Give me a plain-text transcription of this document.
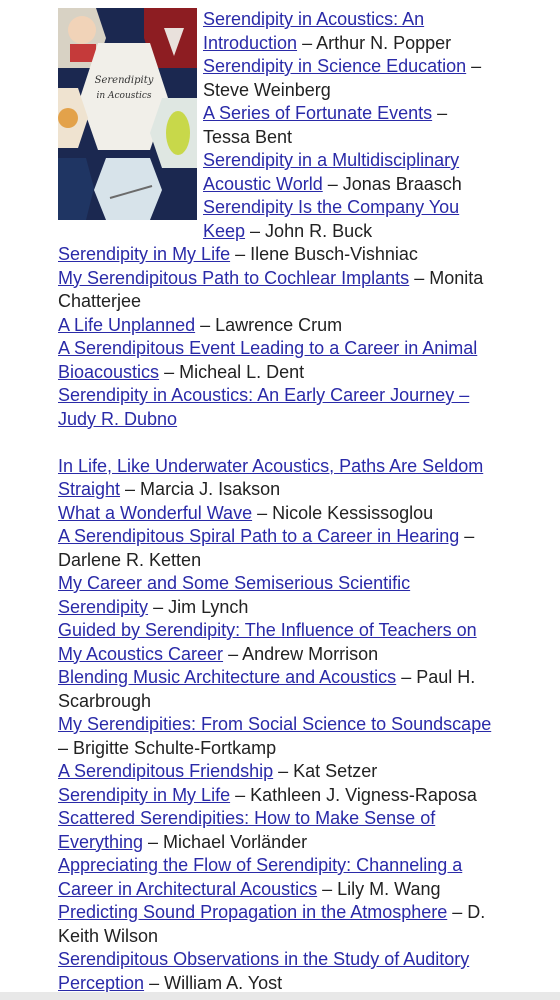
Serendipity
in Acoustics

Serendipity in Acoustics: An Introduction – Arthur N. Popper

Serendipity in Science Education – Steve Weinberg

A Series of Fortunate Events – Tessa Bent

Serendipity in a Multidisciplinary Acoustic World – Jonas Braasch

Serendipity Is the Company You Keep – John R. Buck

Serendipity in My Life – Ilene Busch-Vishniac

My Serendipitous Path to Cochlear Implants – Monita Chatterjee

A Life Unplanned – Lawrence Crum

A Serendipitous Event Leading to a Career in Animal Bioacoustics – Micheal L. Dent

Serendipity in Acoustics: An Early Career Journey – Judy R. Dubno

In Life, Like Underwater Acoustics, Paths Are Seldom Straight – Marcia J. Isakson

What a Wonderful Wave – Nicole Kessissoglou

A Serendipitous Spiral Path to a Career in Hearing – Darlene R. Ketten

My Career and Some Semiserious Scientific Serendipity – Jim Lynch

Guided by Serendipity: The Influence of Teachers on My Acoustics Career – Andrew Morrison

Blending Music Architecture and Acoustics – Paul H. Scarbrough

My Serendipities: From Social Science to Soundscape – Brigitte Schulte-Fortkamp

A Serendipitous Friendship – Kat Setzer

Serendipity in My Life – Kathleen J. Vigness-Raposa

Scattered Serendipities: How to Make Sense of Everything – Michael Vorländer

Appreciating the Flow of Serendipity: Channeling a Career in Architectural Acoustics – Lily M. Wang

Predicting Sound Propagation in the Atmosphere – D. Keith Wilson

Serendipitous Observations in the Study of Auditory Perception – William A. Yost
